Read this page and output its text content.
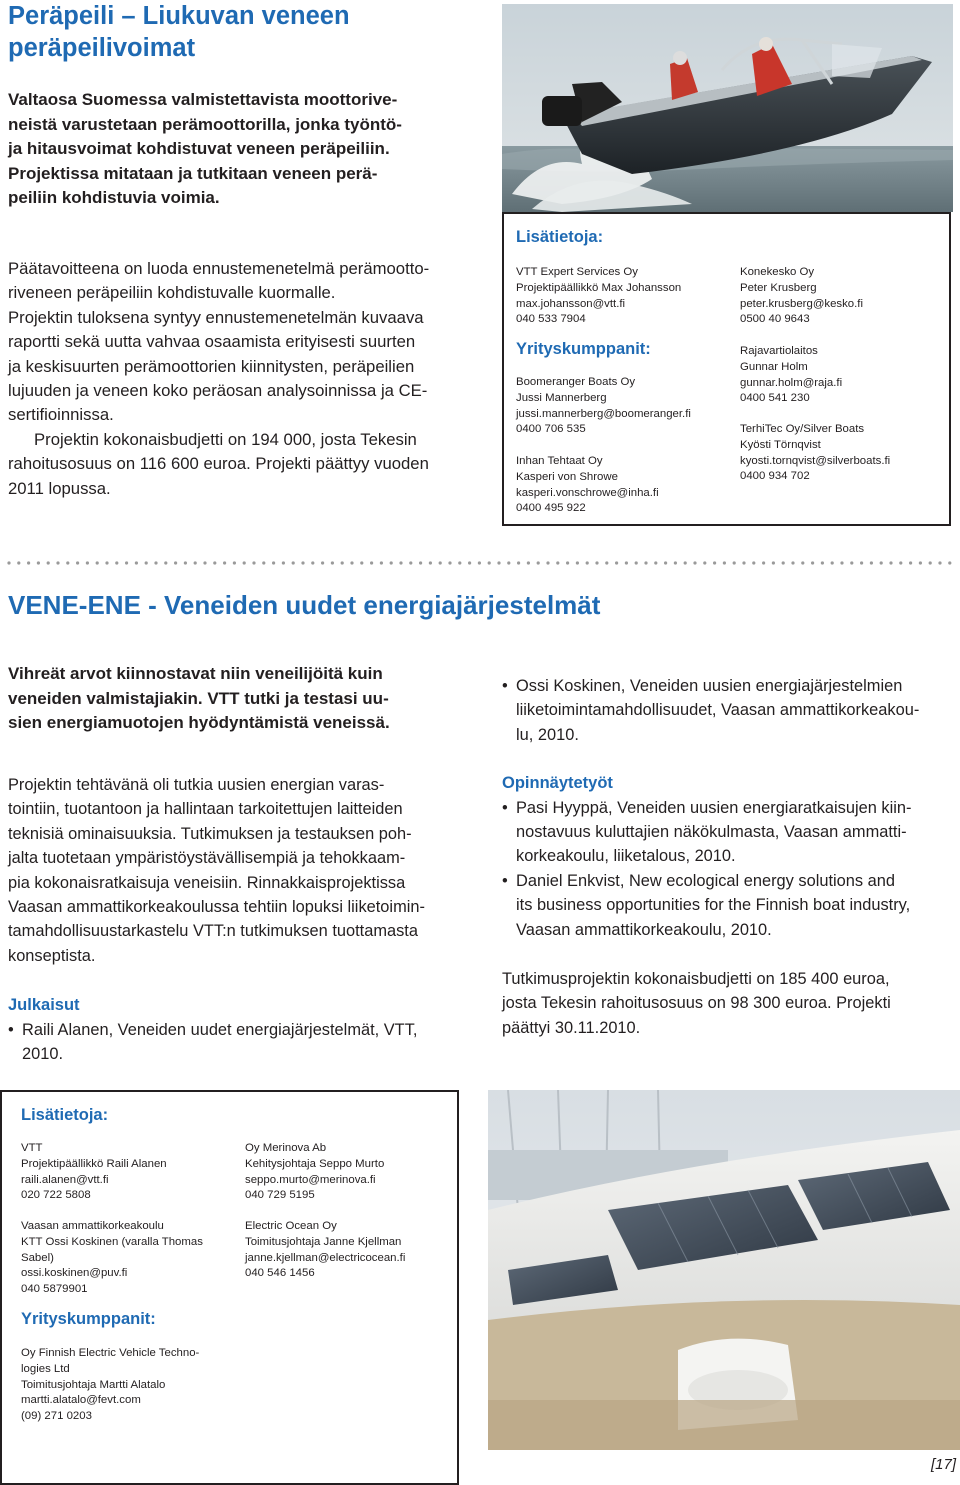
Peräpeili – Liukuvan veneen
peräpeilivoimat
Valtaosa Suomessa valmistettavista moottorive-
neistä varustetaan perämoottorilla, jonka työntö-
ja hitausvoimat kohdistuvat veneen peräpeiliin.
Projektissa mitataan ja tutkitaan veneen perä-
peiliin kohdistuvia voimia.
Päätavoitteena on luoda ennustemenetelmä perämootto-
riveneen peräpeiliin kohdistuvalle kuormalle.
Projektin tuloksena syntyy ennustemenetelmän kuvaava
raportti sekä uutta vahvaa osaamista erityisesti suurten
ja keskisuurten perämoottorien kiinnitysten, peräpeilien
lujuuden ja veneen koko peräosan analysoinnissa ja CE-
sertifioinnissa.
Projektin kokonaisbudjetti on 194 000, josta Tekesin
rahoitusosuus on 116 600 euroa. Projekti päättyy vuoden
2011 lopussa.
Lisätietoja:
VTT Expert Services Oy
Projektipäällikkö Max Johansson
max.johansson@vtt.fi
040 533 7904
Yrityskumppanit:
Boomeranger Boats Oy
Jussi Mannerberg
jussi.mannerberg@boomeranger.fi
0400 706 535
Inhan Tehtaat Oy
Kasperi von Shrowe
kasperi.vonschrowe@inha.fi
0400 495 922
Konekesko Oy
Peter Krusberg
peter.krusberg@kesko.fi
0500 40 9643
Rajavartiolaitos
Gunnar Holm
gunnar.holm@raja.fi
0400 541 230
TerhiTec Oy/Silver Boats
Kyösti Törnqvist
kyosti.tornqvist@silverboats.fi
0400 934 702
VENE-ENE - Veneiden uudet energiajärjestelmät
Vihreät arvot kiinnostavat niin veneilijöitä kuin
veneiden valmistajiakin. VTT tutki ja testasi uu-
sien energiamuotojen hyödyntämistä veneissä.
Projektin tehtävänä oli tutkia uusien energian varas-
tointiin, tuotantoon ja hallintaan tarkoitettujen laitteiden
teknisiä ominaisuuksia. Tutkimuksen ja testauksen poh-
jalta tuotetaan ympäristöystävällisempiä ja tehokkaam-
pia kokonaisratkaisuja veneisiin. Rinnakkaisprojektissa
Vaasan ammattikorkeakoulussa tehtiin lopuksi liiketoimin-
tamahdollisuustarkastelu VTT:n tutkimuksen tuottamasta
konseptista.
Julkaisut
• Raili Alanen, Veneiden uudet energiajärjestelmät, VTT,
2010.
• Ossi Koskinen, Veneiden uusien energiajärjestelmien
liiketoimintamahdollisuudet, Vaasan ammattikorkeakou-
lu, 2010.
Opinnäytetyöt
• Pasi Hyyppä, Veneiden uusien energiaratkaisujen kiin-
nostavuus kuluttajien näkökulmasta, Vaasan ammatti-
korkeakoulu, liiketalous, 2010.
• Daniel Enkvist, New ecological energy solutions and
its business opportunities for the Finnish boat industry,
Vaasan ammattikorkeakoulu, 2010.
Tutkimusprojektin kokonaisbudjetti on 185 400 euroa,
josta Tekesin rahoitusosuus on 98 300 euroa. Projekti
päättyi 30.11.2010.
Lisätietoja:
VTT
Projektipäällikkö Raili Alanen
raili.alanen@vtt.fi
020 722 5808
Vaasan ammattikorkeakoulu
KTT Ossi Koskinen (varalla Thomas
Sabel)
ossi.koskinen@puv.fi
040 5879901
Oy Merinova Ab
Kehitysjohtaja Seppo Murto
seppo.murto@merinova.fi
040 729 5195
Electric Ocean Oy
Toimitusjohtaja Janne Kjellman
janne.kjellman@electricocean.fi
040 546 1456
Yrityskumppanit:
Oy Finnish Electric Vehicle Techno-
logies Ltd
Toimitusjohtaja Martti Alatalo
martti.alatalo@fevt.com
(09) 271 0203
[17]
